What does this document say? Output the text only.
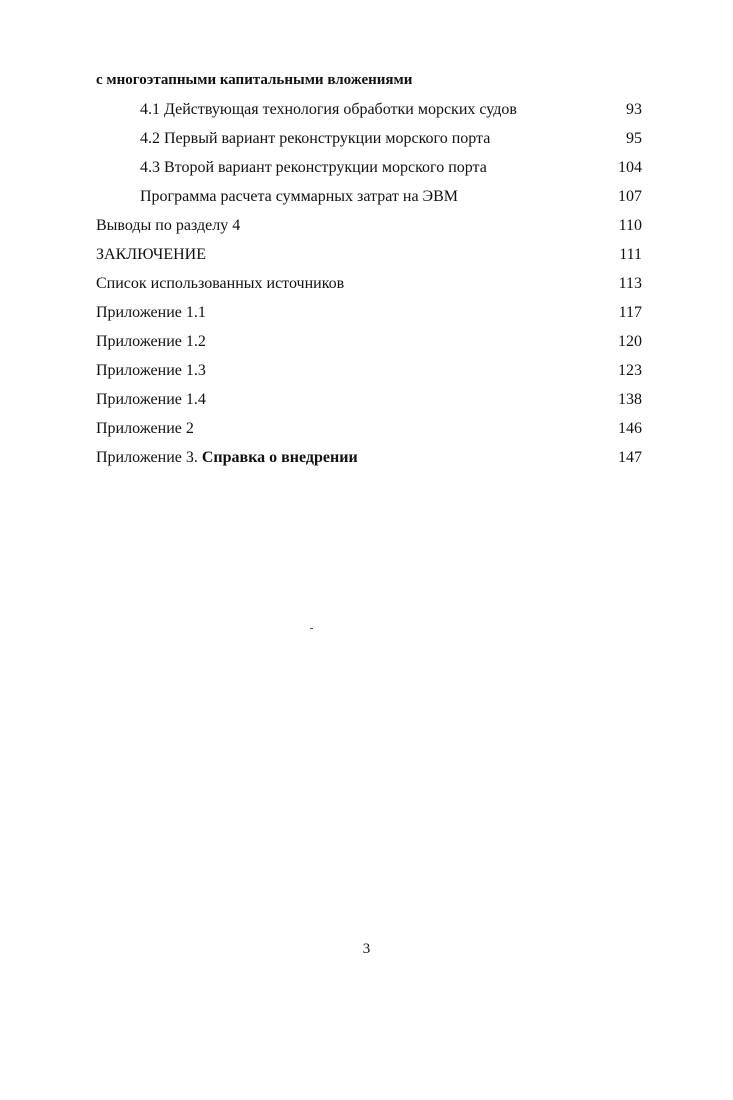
с многоэтапными капитальными вложениями
4.1 Действующая технология обработки морских судов	93
4.2 Первый вариант реконструкции морского порта	95
4.3 Второй вариант реконструкции морского порта	104
Программа расчета суммарных затрат на ЭВМ	107
Выводы по разделу 4	110
ЗАКЛЮЧЕНИЕ	111
Список использованных источников	113
Приложение 1.1	117
Приложение 1.2	120
Приложение 1.3	123
Приложение 1.4	138
Приложение 2	146
Приложение 3. Справка о внедрении	147
3
